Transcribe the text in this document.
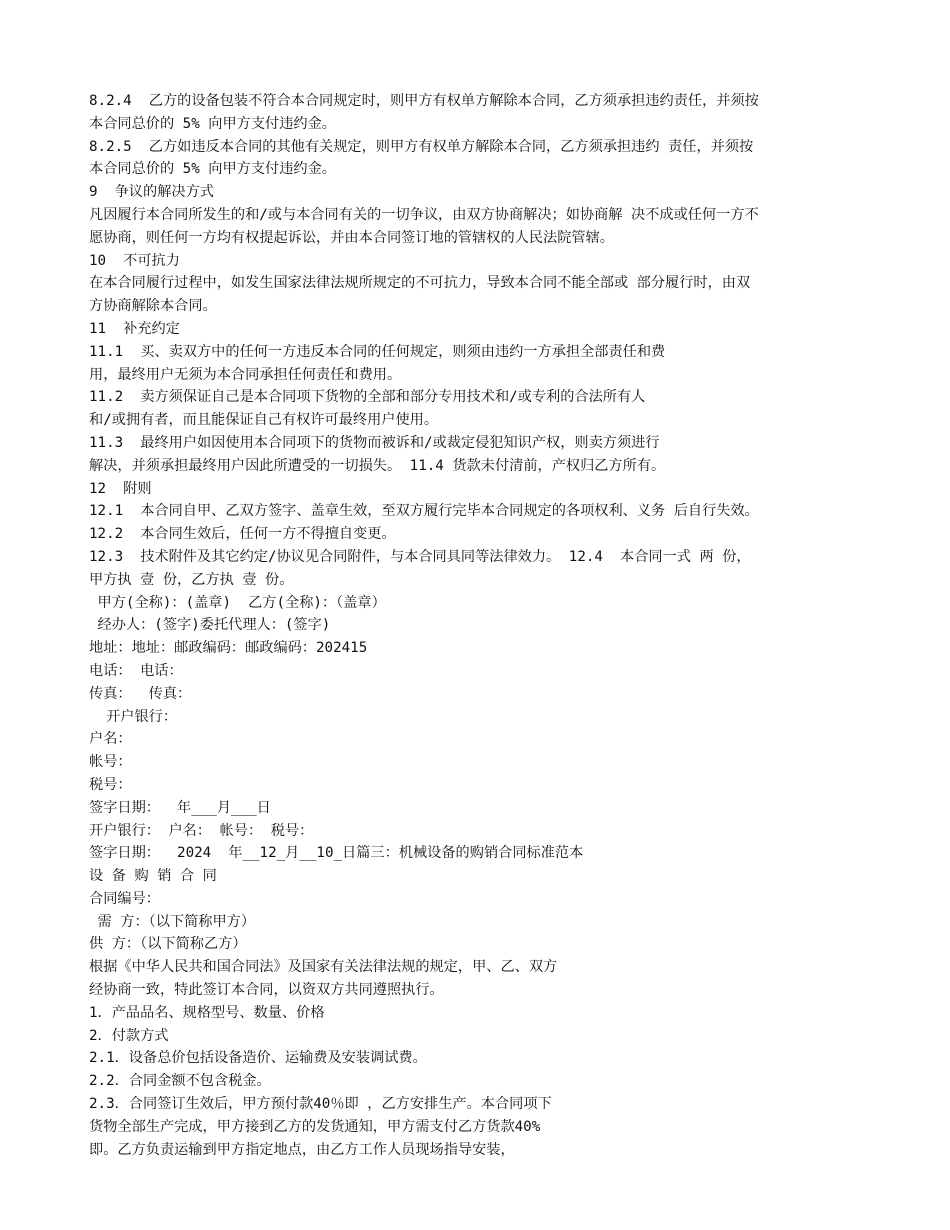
8.2.4  乙方的设备包装不符合本合同规定时，则甲方有权单方解除本合同，乙方须承担违约责任，并须按
本合同总价的 5% 向甲方支付违约金。
8.2.5  乙方如违反本合同的其他有关规定，则甲方有权单方解除本合同，乙方须承担违约 责任，并须按
本合同总价的 5% 向甲方支付违约金。
9  争议的解决方式
凡因履行本合同所发生的和/或与本合同有关的一切争议，由双方协商解决；如协商解 决不成或任何一方不
愿协商，则任何一方均有权提起诉讼，并由本合同签订地的管辖权的人民法院管辖。
10  不可抗力
在本合同履行过程中，如发生国家法律法规所规定的不可抗力，导致本合同不能全部或 部分履行时，由双
方协商解除本合同。
11  补充约定
11.1  买、卖双方中的任何一方违反本合同的任何规定，则须由违约一方承担全部责任和费
用，最终用户无须为本合同承担任何责任和费用。
11.2  卖方须保证自己是本合同项下货物的全部和部分专用技术和/或专利的合法所有人
和/或拥有者，而且能保证自己有权许可最终用户使用。
11.3  最终用户如因使用本合同项下的货物而被诉和/或裁定侵犯知识产权，则卖方须进行
解决，并须承担最终用户因此所遭受的一切损失。 11.4 货款未付清前，产权归乙方所有。
12  附则
12.1  本合同自甲、乙双方签字、盖章生效，至双方履行完毕本合同规定的各项权利、义务 后自行失效。
12.2  本合同生效后，任何一方不得擅自变更。
12.3  技术附件及其它约定/协议见合同附件，与本合同具同等法律效力。 12.4  本合同一式 两 份，
甲方执 壹 份，乙方执 壹 份。
甲方(全称)：(盖章)  乙方(全称)：（盖章）
经办人：(签字)委托代理人：(签字)
地址：地址：邮政编码：邮政编码：202415
电话： 电话：
传真：  传真：
开户银行：
户名：
帐号：
税号：
签字日期：  年___月___日
开户银行： 户名： 帐号： 税号：
签字日期：  2024  年__12_月__10_日篇三：机械设备的购销合同标准范本
设 备 购 销 合 同
合同编号：
需 方：（以下简称甲方）
供 方：（以下简称乙方）
根据《中华人民共和国合同法》及国家有关法律法规的规定，甲、乙、双方
经协商一致，特此签订本合同，以资双方共同遵照执行。
1．产品品名、规格型号、数量、价格
2．付款方式
2.1．设备总价包括设备造价、运输费及安装调试费。
2.2．合同金额不包含税金。
2.3．合同签订生效后，甲方预付款40％即 ，乙方安排生产。本合同项下
货物全部生产完成，甲方接到乙方的发货通知，甲方需支付乙方货款40%
即。乙方负责运输到甲方指定地点，由乙方工作人员现场指导安装，
